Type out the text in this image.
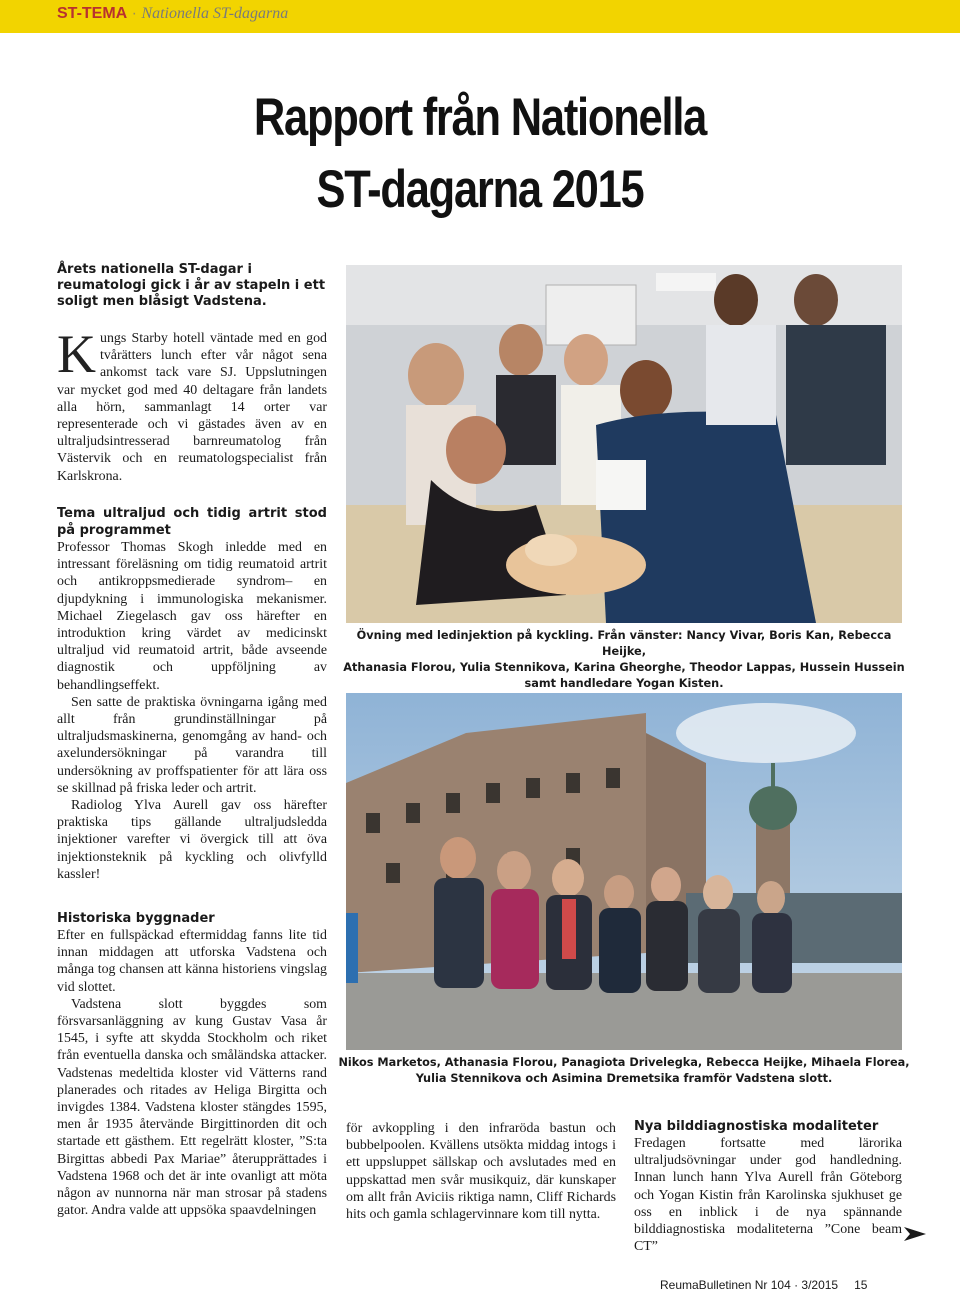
ST-TEMA · Nationella ST-dagarna
Rapport från Nationella
ST-dagarna 2015
Årets nationella ST-dagar i reumatologi gick i år av stapeln i ett soligt men blåsigt Vadstena.
Kungs Starby hotell väntade med en god tvårätters lunch efter vår något sena ankomst tack vare SJ. Uppslutningen var mycket god med 40 deltagare från landets alla hörn, sammanlagt 14 orter var representerade och vi gästades även av en ultraljudsintresserad barnreumatolog från Västervik och en reumatologspecialist från Karlskrona.

Tema ultraljud och tidig artrit stod på programmet

Professor Thomas Skogh inledde med en intressant föreläsning om tidig reumatoid artrit och antikroppsmedierade syndrom– en djupdykning i immunologiska mekanismer. Michael Ziegelasch gav oss härefter en introduktion kring värdet av medicinskt ultraljud vid reumatoid artrit, både avseende diagnostik och uppföljning av behandlingseffekt.

Sen satte de praktiska övningarna igång med allt från grundinställningar på ultraljudsmaskinerna, genomgång av hand- och axelundersökningar på varandra till undersökning av proffspatienter för att lära oss se skillnad på friska leder och artrit.

Radiolog Ylva Aurell gav oss härefter praktiska tips gällande ultraljudsledda injektioner varefter vi övergick till att öva injektionsteknik på kyckling och olivfylld kassler!

Historiska byggnader

Efter en fullspäckad eftermiddag fanns lite tid innan middagen att utforska Vadstena och många tog chansen att känna historiens vingslag vid slottet.

Vadstena slott byggdes som försvarsanläggning av kung Gustav Vasa år 1545, i syfte att skydda Stockholm och riket från eventuella danska och småländska attacker. Vadstenas medeltida kloster vid Vätterns rand planerades och ritades av Heliga Birgitta och invigdes 1384. Vadstena kloster stängdes 1595, men år 1935 återvände Birgittinorden dit och startade ett gästhem. Ett regelrätt kloster, ”S:ta Birgittas abbedi Pax Mariae” återupprättades i Vadstena 1968 och det är inte ovanligt att möta någon av nunnorna när man strosar på stadens gator. Andra valde att uppsöka spaavdelningen

Övning med ledinjektion på kyckling. Från vänster: Nancy Vivar, Boris Kan, Rebecca Heijke,
Athanasia Florou, Yulia Stennikova, Karina Gheorghe, Theodor Lappas, Hussein Hussein
samt handledare Yogan Kisten.
Nikos Marketos, Athanasia Florou, Panagiota Drivelegka, Rebecca Heijke, Mihaela Florea,
Yulia Stennikova och Asimina Dremetsika framför Vadstena slott.
för avkoppling i den infraröda bastun och bubbelpoolen. Kvällens utsökta middag intogs i ett uppsluppet sällskap och avslutades med en uppskattad men svår musikquiz, där kunskaper om allt från Aviciis riktiga namn, Cliff Richards hits och gamla schlagervinnare kom till nytta.

Nya bilddiagnostiska modaliteter

Fredagen fortsatte med lärorika ultraljudsövningar under god handledning. Innan lunch hann Ylva Aurell från Göteborg och Yogan Kistin från Karolinska sjukhuset ge oss en inblick i de nya spännande bilddiagnostiska modaliteterna ”Cone beam CT”

ReumaBulletinen Nr 104 · 3/2015 15
